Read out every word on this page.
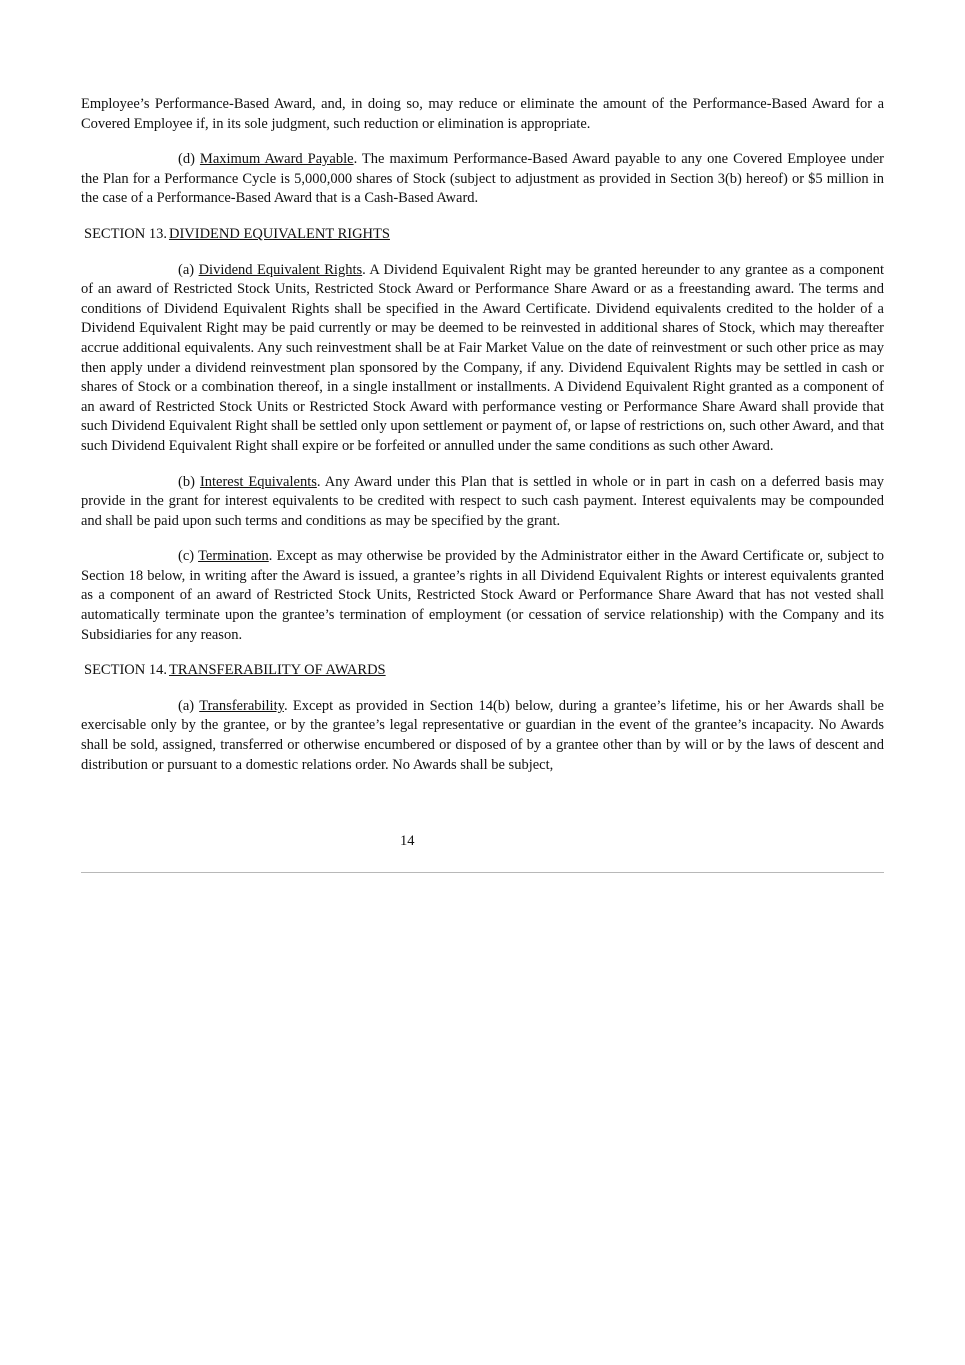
Employee’s Performance-Based Award, and, in doing so, may reduce or eliminate the amount of the Performance-Based Award for a Covered Employee if, in its sole judgment, such reduction or elimination is appropriate.

(d) Maximum Award Payable. The maximum Performance-Based Award payable to any one Covered Employee under the Plan for a Performance Cycle is 5,000,000 shares of Stock (subject to adjustment as provided in Section 3(b) hereof) or $5 million in the case of a Performance-Based Award that is a Cash-Based Award.

SECTION 13. DIVIDEND EQUIVALENT RIGHTS

(a) Dividend Equivalent Rights. A Dividend Equivalent Right may be granted hereunder to any grantee as a component of an award of Restricted Stock Units, Restricted Stock Award or Performance Share Award or as a freestanding award. The terms and conditions of Dividend Equivalent Rights shall be specified in the Award Certificate. Dividend equivalents credited to the holder of a Dividend Equivalent Right may be paid currently or may be deemed to be reinvested in additional shares of Stock, which may thereafter accrue additional equivalents. Any such reinvestment shall be at Fair Market Value on the date of reinvestment or such other price as may then apply under a dividend reinvestment plan sponsored by the Company, if any. Dividend Equivalent Rights may be settled in cash or shares of Stock or a combination thereof, in a single installment or installments. A Dividend Equivalent Right granted as a component of an award of Restricted Stock Units or Restricted Stock Award with performance vesting or Performance Share Award shall provide that such Dividend Equivalent Right shall be settled only upon settlement or payment of, or lapse of restrictions on, such other Award, and that such Dividend Equivalent Right shall expire or be forfeited or annulled under the same conditions as such other Award.

(b) Interest Equivalents. Any Award under this Plan that is settled in whole or in part in cash on a deferred basis may provide in the grant for interest equivalents to be credited with respect to such cash payment. Interest equivalents may be compounded and shall be paid upon such terms and conditions as may be specified by the grant.

(c) Termination. Except as may otherwise be provided by the Administrator either in the Award Certificate or, subject to Section 18 below, in writing after the Award is issued, a grantee’s rights in all Dividend Equivalent Rights or interest equivalents granted as a component of an award of Restricted Stock Units, Restricted Stock Award or Performance Share Award that has not vested shall automatically terminate upon the grantee’s termination of employment (or cessation of service relationship) with the Company and its Subsidiaries for any reason.

SECTION 14. TRANSFERABILITY OF AWARDS

(a) Transferability. Except as provided in Section 14(b) below, during a grantee’s lifetime, his or her Awards shall be exercisable only by the grantee, or by the grantee’s legal representative or guardian in the event of the grantee’s incapacity. No Awards shall be sold, assigned, transferred or otherwise encumbered or disposed of by a grantee other than by will or by the laws of descent and distribution or pursuant to a domestic relations order. No Awards shall be subject,

14
